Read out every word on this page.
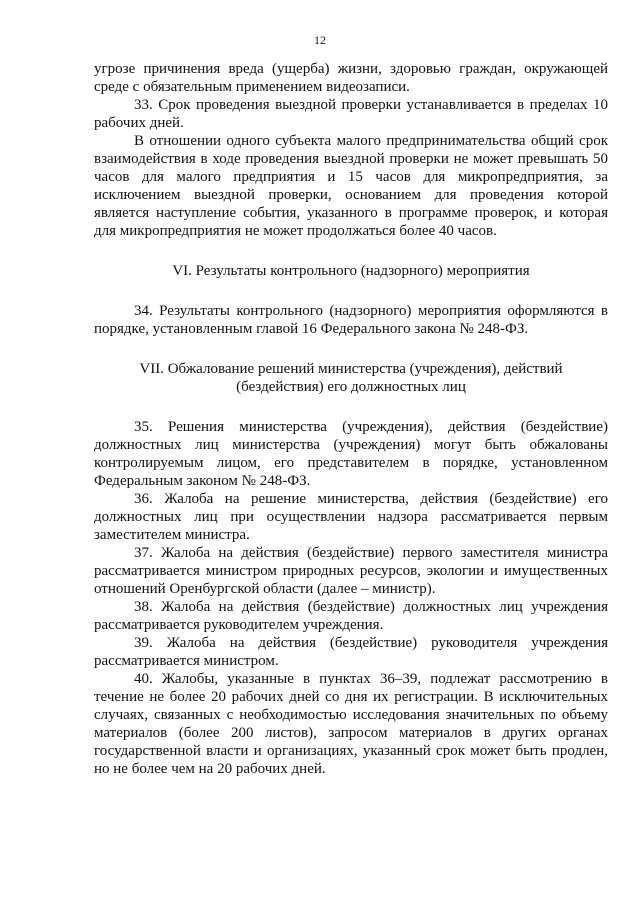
12

угрозе причинения вреда (ущерба) жизни, здоровью граждан, окружающей среде с обязательным применением видеозаписи.

33. Срок проведения выездной проверки устанавливается в пределах 10 рабочих дней.

В отношении одного субъекта малого предпринимательства общий срок взаимодействия в ходе проведения выездной проверки не может превышать 50 часов для малого предприятия и 15 часов для микропредприятия, за исключением выездной проверки, основанием для проведения которой является наступление события, указанного в программе проверок, и которая для микропредприятия не может продолжаться более 40 часов.

VI. Результаты контрольного (надзорного) мероприятия

34. Результаты контрольного (надзорного) мероприятия оформляются в порядке, установленным главой 16 Федерального закона № 248-ФЗ.

VII. Обжалование решений министерства (учреждения), действий
(бездействия) его должностных лиц

35. Решения министерства (учреждения), действия (бездействие) должностных лиц министерства (учреждения) могут быть обжалованы контролируемым лицом, его представителем в порядке, установленном Федеральным законом № 248-ФЗ.

36. Жалоба на решение министерства, действия (бездействие) его должностных лиц при осуществлении надзора рассматривается первым заместителем министра.

37. Жалоба на действия (бездействие) первого заместителя министра рассматривается министром природных ресурсов, экологии и имущественных отношений Оренбургской области (далее – министр).

38. Жалоба на действия (бездействие) должностных лиц учреждения рассматривается руководителем учреждения.

39. Жалоба на действия (бездействие) руководителя учреждения рассматривается министром.

40. Жалобы, указанные в пунктах 36–39, подлежат рассмотрению в течение не более 20 рабочих дней со дня их регистрации. В исключительных случаях, связанных с необходимостью исследования значительных по объему материалов (более 200 листов), запросом материалов в других органах государственной власти и организациях, указанный срок может быть продлен, но не более чем на 20 рабочих дней.
